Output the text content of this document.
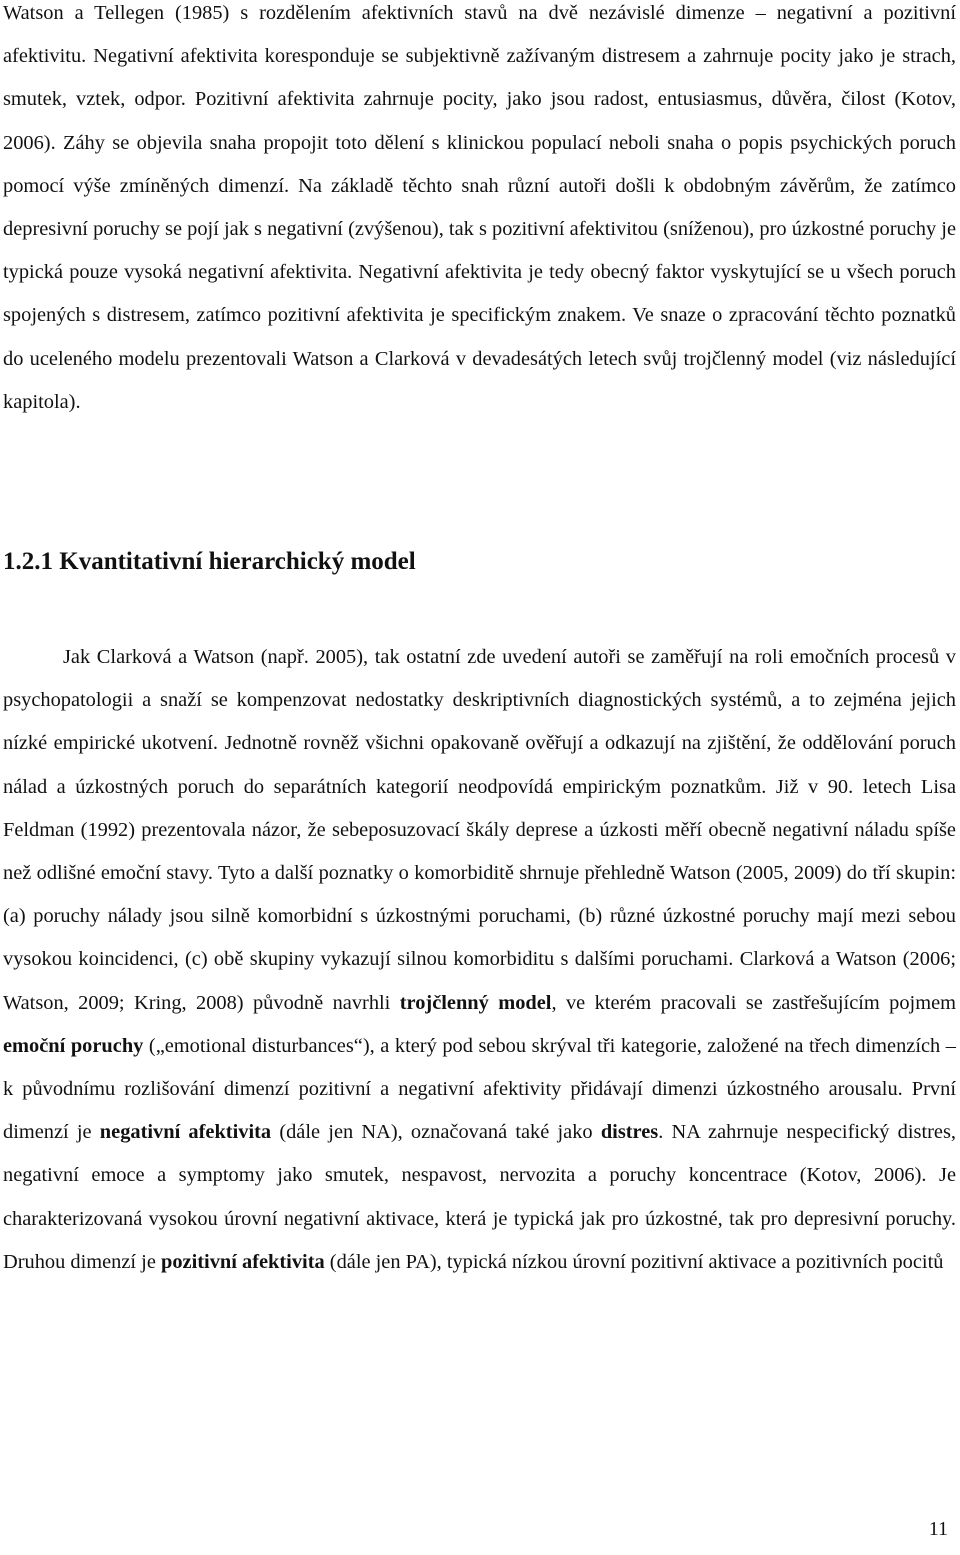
Watson a Tellegen (1985) s rozdělením afektivních stavů na dvě nezávislé dimenze – negativní a pozitivní afektivitu. Negativní afektivita koresponduje se subjektivně zažívaným distresem a zahrnuje pocity jako je strach, smutek, vztek, odpor. Pozitivní afektivita zahrnuje pocity, jako jsou radost, entusiasmus, důvěra, čilost (Kotov, 2006). Záhy se objevila snaha propojit toto dělení s klinickou populací neboli snaha o popis psychických poruch pomocí výše zmíněných dimenzí. Na základě těchto snah různí autoři došli k obdobným závěrům, že zatímco depresivní poruchy se pojí jak s negativní (zvýšenou), tak s pozitivní afektivitou (sníženou), pro úzkostné poruchy je typická pouze vysoká negativní afektivita. Negativní afektivita je tedy obecný faktor vyskytující se u všech poruch spojených s distresem, zatímco pozitivní afektivita je specifickým znakem. Ve snaze o zpracování těchto poznatků do uceleného modelu prezentovali Watson a Clarková v devadesátých letech svůj trojčlenný model (viz následující kapitola).

1.2.1 Kvantitativní hierarchický model

Jak Clarková a Watson (např. 2005), tak ostatní zde uvedení autoři se zaměřují na roli emočních procesů v psychopatologii a snaží se kompenzovat nedostatky deskriptivních diagnostických systémů, a to zejména jejich nízké empirické ukotvení. Jednotně rovněž všichni opakovaně ověřují a odkazují na zjištění, že oddělování poruch nálad a úzkostných poruch do separátních kategorií neodpovídá empirickým poznatkům. Již v 90. letech Lisa Feldman (1992) prezentovala názor, že sebeposuzovací škály deprese a úzkosti měří obecně negativní náladu spíše než odlišné emoční stavy. Tyto a další poznatky o komorbiditě shrnuje přehledně Watson (2005, 2009) do tří skupin: (a) poruchy nálady jsou silně komorbidní s úzkostnými poruchami, (b) různé úzkostné poruchy mají mezi sebou vysokou koincidenci, (c) obě skupiny vykazují silnou komorbiditu s dalšími poruchami. Clarková a Watson (2006; Watson, 2009; Kring, 2008) původně navrhli trojčlenný model, ve kterém pracovali se zastřešujícím pojmem emoční poruchy („emotional disturbances“), a který pod sebou skrýval tři kategorie, založené na třech dimenzích – k původnímu rozlišování dimenzí pozitivní a negativní afektivity přidávají dimenzi úzkostného arousalu. První dimenzí je negativní afektivita (dále jen NA), označovaná také jako distres. NA zahrnuje nespecifický distres, negativní emoce a symptomy jako smutek, nespavost, nervozita a poruchy koncentrace (Kotov, 2006). Je charakterizovaná vysokou úrovní negativní aktivace, která je typická jak pro úzkostné, tak pro depresivní poruchy. Druhou dimenzí je pozitivní afektivita (dále jen PA), typická nízkou úrovní pozitivní aktivace a pozitivních pocitů

11
